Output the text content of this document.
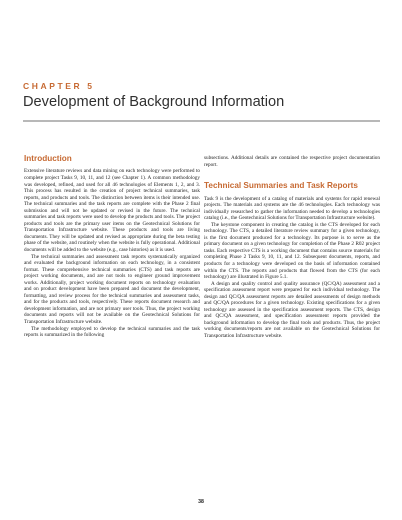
CHAPTER 5
Development of Background Information
Introduction

Extensive literature reviews and data mining on each technology were performed to complete project Tasks 9, 10, 11, and 12 (see Chapter 1). A common methodology was developed, refined, and used for all 46 technologies of Elements 1, 2, and 3. This process has resulted in the creation of project technical summaries, task reports, and products and tools. The distinction between items is their intended use. The technical summaries and the task reports are complete with the Phase 2 final submission and will not be updated or revised in the future. The technical summaries and task reports were used to develop the products and tools. The project products and tools are the primary user items on the Geotechnical Solutions for Transportation Infrastructure website. These products and tools are living documents. They will be updated and revised as appropriate during the beta testing phase of the website, and routinely when the website is fully operational. Additional documents will be added to the website (e.g., case histories) as it is used.

The technical summaries and assessment task reports systematically organized and evaluated the background information on each technology, in a consistent format. These comprehensive technical summaries (CTS) and task reports are project working documents, and are not tools to engineer ground improvement works. Additionally, project working document reports on technology evaluation and on product development have been prepared and document the development, formatting, and review process for the technical summaries and assessment tasks, and for the products and tools, respectively. These reports document research and development information, and are not primary user tools. Thus, the project working documents and reports will not be available on the Geotechnical Solutions for Transportation Infrastructure website.

The methodology employed to develop the technical summaries and the task reports is summarized in the following

subsections. Additional details are contained the respective project documentation report.

Technical Summaries and Task Reports

Task 9 is the development of a catalog of materials and systems for rapid renewal projects. The materials and systems are the 46 technologies. Each technology was individually researched to gather the information needed to develop a technologies catalog (i.e., the Geotechnical Solutions for Transportation Infrastructure website).

The keystone component in creating the catalog is the CTS developed for each technology. The CTS, a detailed literature review summary for a given technology, is the first document produced for a technology. Its purpose is to serve as the primary document on a given technology for completion of the Phase 2 R02 project tasks. Each respective CTS is a working document that contains source materials for completing Phase 2 Tasks 9, 10, 11, and 12. Subsequent documents, reports, and products for a technology were developed on the basis of information contained within the CTS. The reports and products that flowed from the CTS (for each technology) are illustrated in Figure 5.1.

A design and quality control and quality assurance (QC/QA) assessment and a specification assessment report were prepared for each individual technology. The design and QC/QA assessment reports are detailed assessments of design methods and QC/QA procedures for a given technology. Existing specifications for a given technology are assessed in the specification assessment reports. The CTS, design and QC/QA assessment, and specification assessment reports provided the background information to develop the final tools and products. Thus, the project working documents/reports are not available on the Geotechnical Solutions for Transportation Infrastructure website.

38
